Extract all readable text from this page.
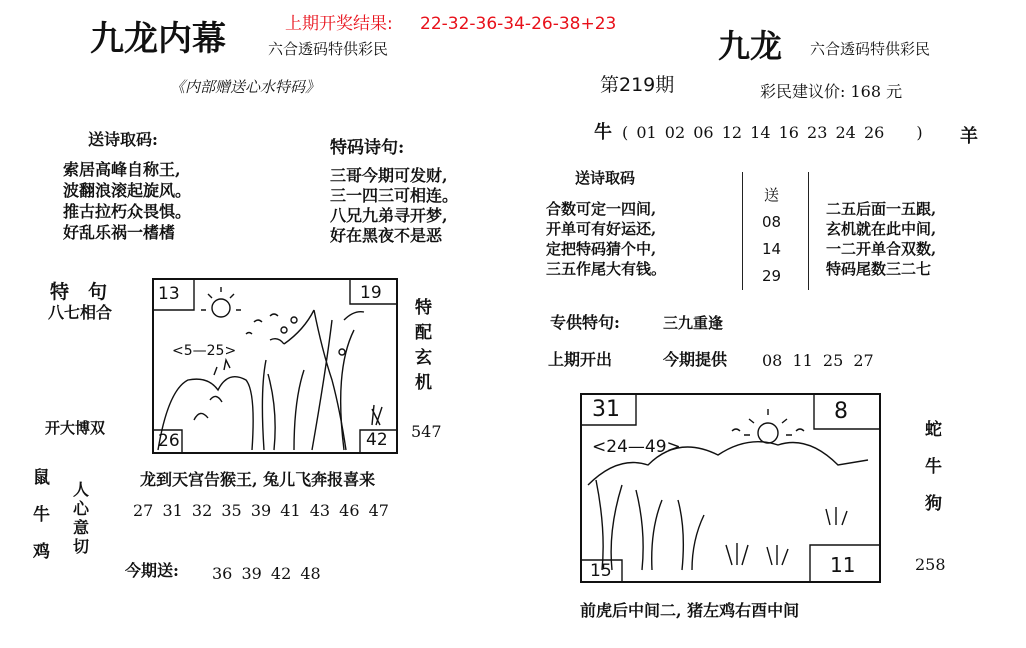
九龙内幕	六合透码特供彩民
上期开奖结果: 22-32-36-34-26-38+23
《内部赠送心水特码》
送诗取码:
索居高峰自称王,
波翻浪滚起旋风。
推古拉朽众畏惧。
好乱乐祸一榰榰
特码诗句:
三哥今期可发财,
三一四三可相连。
八兄九弟寻开梦,
好在黑夜不是恶
特　句
八七相合
开大博双
13	19
26	42
<5—25>
特
配
玄
机
547
鼠
牛
鸡
人
心
意
切
龙到天宫告猴王, 兔儿飞奔报喜来
27 31 32 35 39 41 43 46 47
今期送: 36 39 42 48
九龙 六合透码特供彩民
第219期	彩民建议价: 168 元
牛 ( 01 02 06 12 14 16 23 24 26 ) 羊
送诗取码
合数可定一四间,
开单可有好运还,
定把特码猜个中,
三五作尾大有钱。
送
08
14
29
二五后面一五跟,
玄机就在此中间,
一二开单合双数,
特码尾数三二七
专供特句:	三九重逢
上期开出	今期提供 08 11 25 27
31	8
15	11
<24—49>
蛇
牛
狗
258
前虎后中间二, 猪左鸡右酉中间
